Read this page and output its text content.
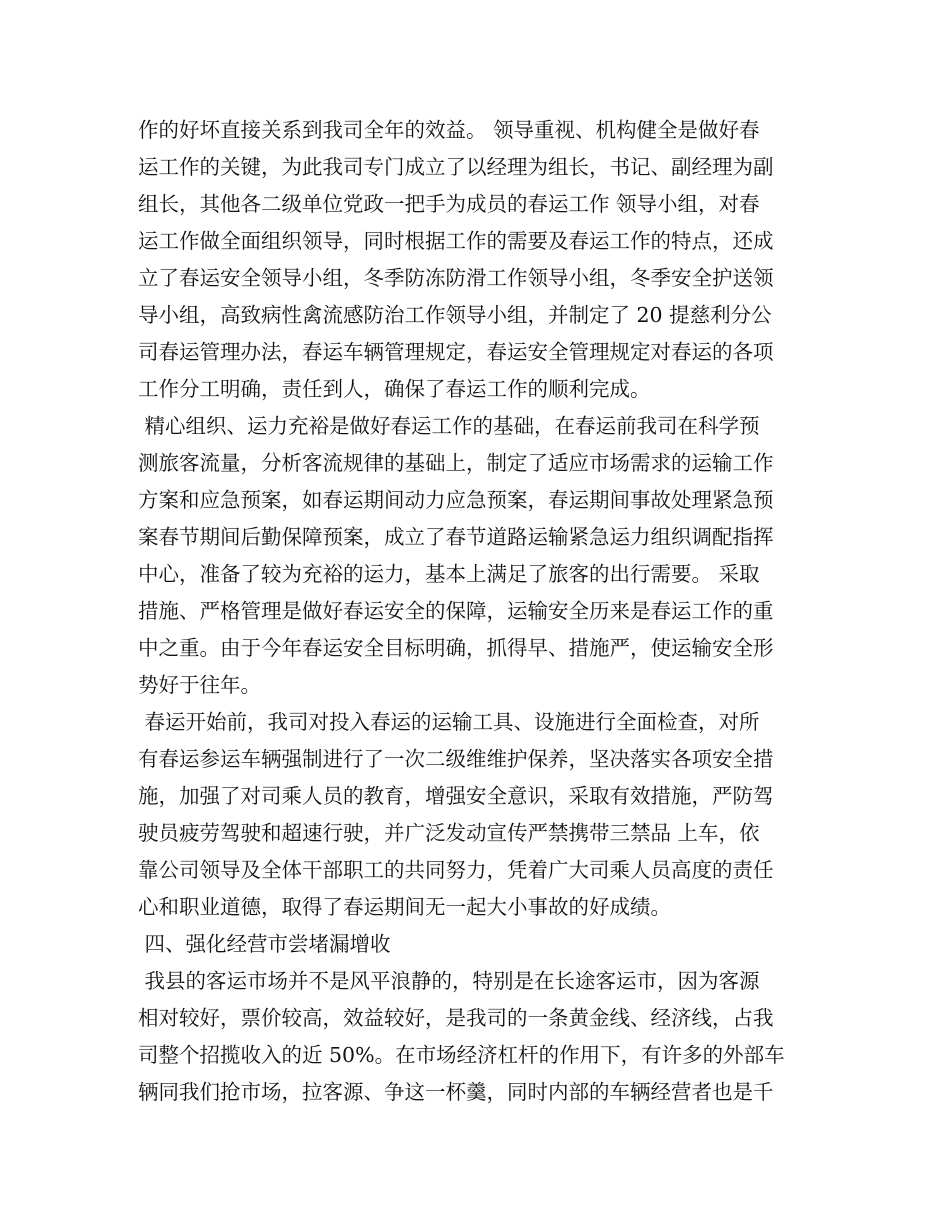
作的好坏直接关系到我司全年的效益。 领导重视、机构健全是做好春
运工作的关键，为此我司专门成立了以经理为组长，书记、副经理为副
组长，其他各二级单位党政一把手为成员的春运工作 领导小组，对春
运工作做全面组织领导，同时根据工作的需要及春运工作的特点，还成
立了春运安全领导小组，冬季防冻防滑工作领导小组，冬季安全护送领
导小组，高致病性禽流感防治工作领导小组，并制定了 20 提慈利分公
司春运管理办法，春运车辆管理规定，春运安全管理规定对春运的各项
工作分工明确，责任到人，确保了春运工作的顺利完成。
精心组织、运力充裕是做好春运工作的基础，在春运前我司在科学预
测旅客流量，分析客流规律的基础上，制定了适应市场需求的运输工作
方案和应急预案，如春运期间动力应急预案，春运期间事故处理紧急预
案春节期间后勤保障预案，成立了春节道路运输紧急运力组织调配指挥
中心，准备了较为充裕的运力，基本上满足了旅客的出行需要。 采取
措施、严格管理是做好春运安全的保障，运输安全历来是春运工作的重
中之重。由于今年春运安全目标明确，抓得早、措施严，使运输安全形
势好于往年。
春运开始前，我司对投入春运的运输工具、设施进行全面检查，对所
有春运参运车辆强制进行了一次二级维维护保养，坚决落实各项安全措
施，加强了对司乘人员的教育，增强安全意识，采取有效措施，严防驾
驶员疲劳驾驶和超速行驶，并广泛发动宣传严禁携带三禁品 上车，依
靠公司领导及全体干部职工的共同努力，凭着广大司乘人员高度的责任
心和职业道德，取得了春运期间无一起大小事故的好成绩。
四、强化经营市尝堵漏增收
我县的客运市场并不是风平浪静的，特别是在长途客运市，因为客源
相对较好，票价较高，效益较好，是我司的一条黄金线、经济线，占我
司整个招揽收入的近 50%。在市场经济杠杆的作用下，有许多的外部车
辆同我们抢市场，拉客源、争这一杯羹，同时内部的车辆经营者也是千
